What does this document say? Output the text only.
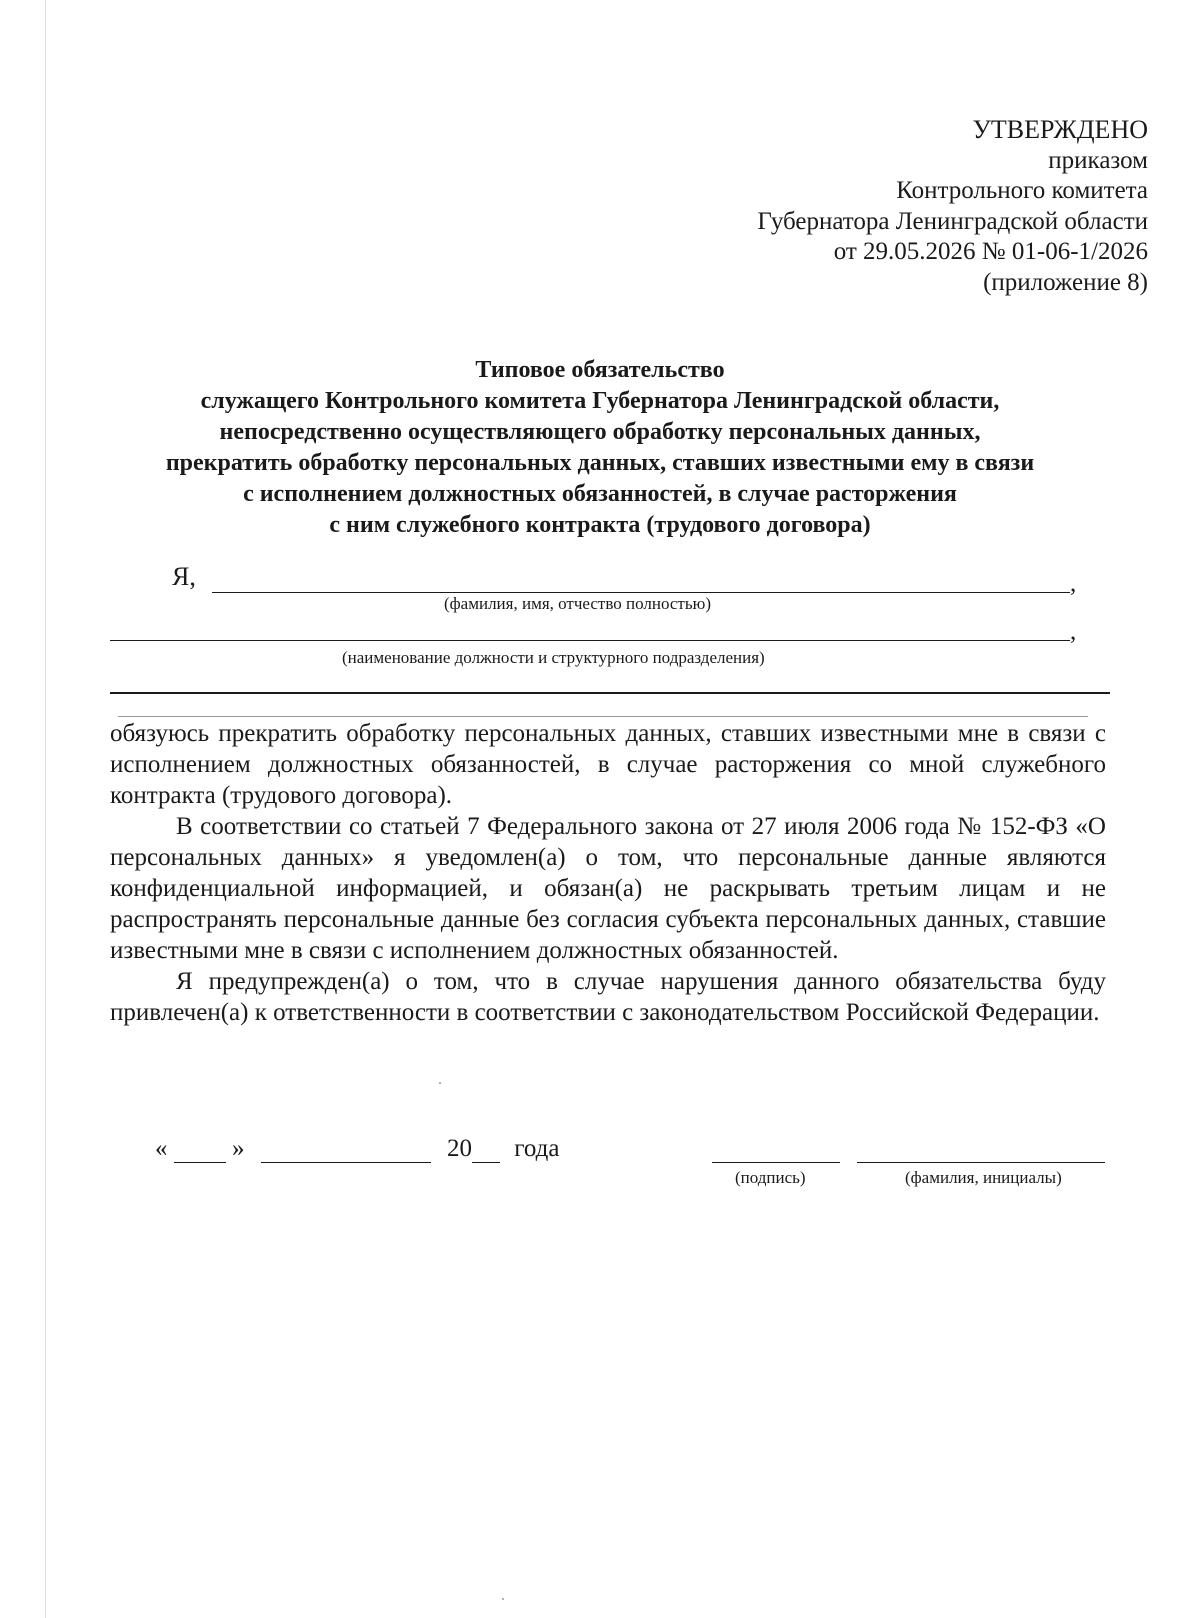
УТВЕРЖДЕНО
приказом
Контрольного комитета
Губернатора Ленинградской области
от 29.05.2026 № 01-06-1/2026
(приложение 8)
Типовое обязательство
служащего Контрольного комитета Губернатора Ленинградской области,
непосредственно осуществляющего обработку персональных данных,
прекратить обработку персональных данных, ставших известными ему в связи
с исполнением должностных обязанностей, в случае расторжения
с ним служебного контракта (трудового договора)
Я,	,
(фамилия, имя, отчество полностью)
,
(наименование должности и структурного подразделения)

обязуюсь прекратить обработку персональных данных, ставших известными мне в связи с исполнением должностных обязанностей, в случае расторжения со мной служебного контракта (трудового договора).

В соответствии со статьей 7 Федерального закона от 27 июля 2006 года № 152-ФЗ «О персональных данных» я уведомлен(а) о том, что персональные данные являются конфиденциальной информацией, и обязан(а) не раскрывать третьим лицам и не распространять персональные данные без согласия субъекта персональных данных, ставшие известными мне в связи с исполнением должностных обязанностей.

Я предупрежден(а) о том, что в случае нарушения данного обязательства буду привлечен(а) к ответственности в соответствии с законодательством Российской Федерации.

«	»	20 года
(подпись)	(фамилия, инициалы)
